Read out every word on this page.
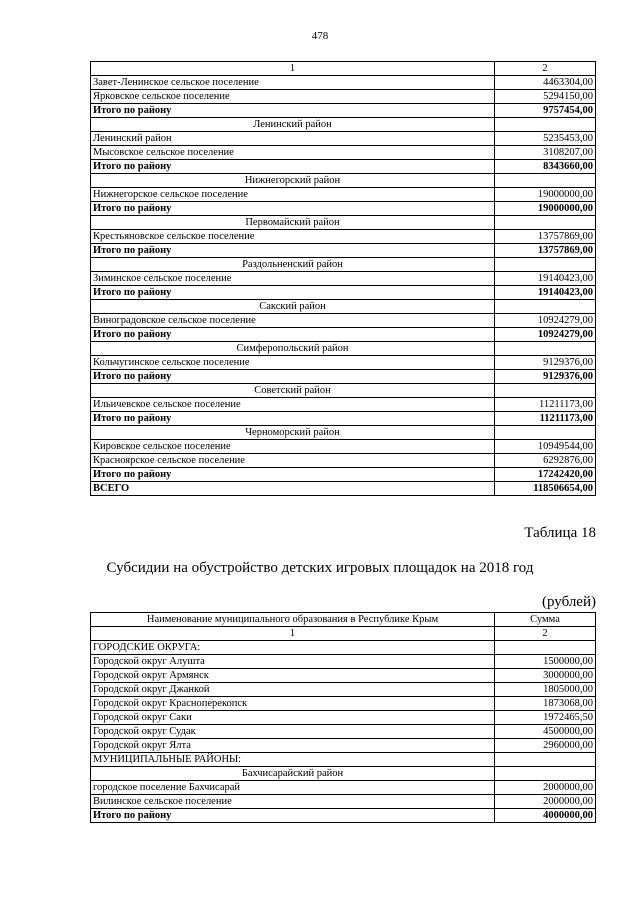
478
1	2
Завет-Ленинское сельское поселение	4463304,00
Ярковское сельское поселение	5294150,00
Итого по району	9757454,00
Ленинский район	
Ленинский район	5235453,00
Мысовское сельское поселение	3108207,00
Итого по району	8343660,00
Нижнегорский район	
Нижнегорское сельское поселение	19000000,00
Итого по району	19000000,00
Первомайский район	
Крестьяновское сельское поселение	13757869,00
Итого по району	13757869,00
Раздольненский район	
Зиминское сельское поселение	19140423,00
Итого по району	19140423,00
Сакский район	
Виноградовское сельское поселение	10924279,00
Итого по району	10924279,00
Симферопольский район	
Кольчугинское сельское поселение	9129376,00
Итого по району	9129376,00
Советский район	
Ильичевское сельское поселение	11211173,00
Итого по району	11211173,00
Черноморский район	
Кировское сельское поселение	10949544,00
Красноярское сельское поселение	6292876,00
Итого по району	17242420,00
ВСЕГО	118506654,00
Таблица 18
Субсидии на обустройство детских игровых площадок на 2018 год
(рублей)
Наименование муниципального образования в Республике Крым	Сумма
1	2
ГОРОДСКИЕ ОКРУГА:	
Городской округ Алушта	1500000,00
Городской округ Армянск	3000000,00
Городской округ Джанкой	1805000,00
Городской округ Красноперекопск	1873068,00
Городской округ Саки	1972465,50
Городской округ Судак	4500000,00
Городской округ Ялта	2960000,00
МУНИЦИПАЛЬНЫЕ РАЙОНЫ:	
Бахчисарайский район	
городское поселение Бахчисарай	2000000,00
Вилинское сельское поселение	2000000,00
Итого по району	4000000,00
